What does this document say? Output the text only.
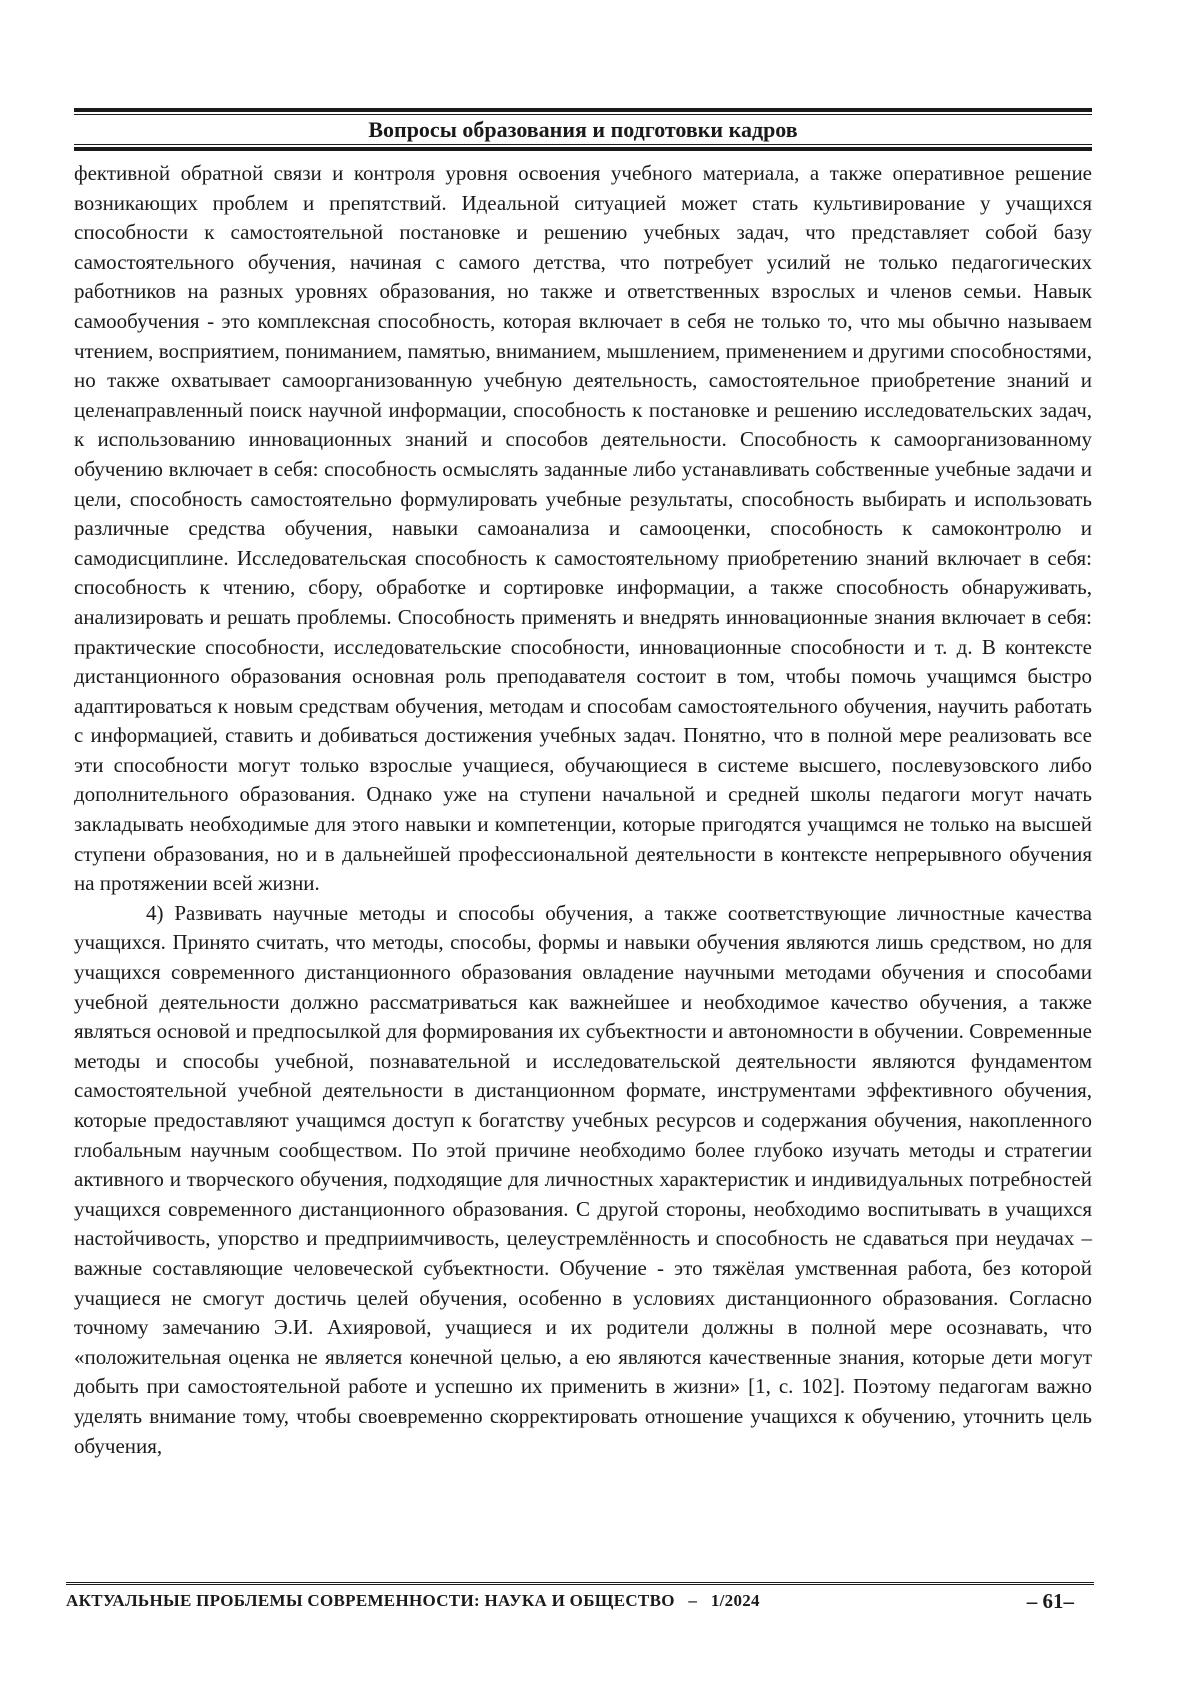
Вопросы образования и подготовки кадров

фективной обратной связи и контроля уровня освоения учебного материала, а также оперативное решение возникающих проблем и препятствий. Идеальной ситуацией может стать культивирование у учащихся способности к самостоятельной постановке и решению учебных задач, что представляет собой базу самостоятельного обучения, начиная с самого детства, что потребует усилий не только педагогических работников на разных уровнях образования, но также и ответственных взрослых и членов семьи. Навык самообучения - это комплексная способность, которая включает в себя не только то, что мы обычно называем чтением, восприятием, пониманием, памятью, вниманием, мышлением, применением и другими способностями, но также охватывает самоорганизованную учебную деятельность, самостоятельное приобретение знаний и целенаправленный поиск научной информации, способность к постановке и решению исследовательских задач, к использованию инновационных знаний и способов деятельности. Способность к самоорганизованному обучению включает в себя: способность осмыслять заданные либо устанавливать собственные учебные задачи и цели, способность самостоятельно формулировать учебные результаты, способность выбирать и использовать различные средства обучения, навыки самоанализа и самооценки, способность к самоконтролю и самодисциплине. Исследовательская способность к самостоятельному приобретению знаний включает в себя: способность к чтению, сбору, обработке и сортировке информации, а также способность обнаруживать, анализировать и решать проблемы. Способность применять и внедрять инновационные знания включает в себя: практические способности, исследовательские способности, инновационные способности и т. д. В контексте дистанционного образования основная роль преподавателя состоит в том, чтобы помочь учащимся быстро адаптироваться к новым средствам обучения, методам и способам самостоятельного обучения, научить работать с информацией, ставить и добиваться достижения учебных задач. Понятно, что в полной мере реализовать все эти способности могут только взрослые учащиеся, обучающиеся в системе высшего, послевузовского либо дополнительного образования. Однако уже на ступени начальной и средней школы педагоги могут начать закладывать необходимые для этого навыки и компетенции, которые пригодятся учащимся не только на высшей ступени образования, но и в дальнейшей профессиональной деятельности в контексте непрерывного обучения на протяжении всей жизни.

4) Развивать научные методы и способы обучения, а также соответствующие личностные качества учащихся. Принято считать, что методы, способы, формы и навыки обучения являются лишь средством, но для учащихся современного дистанционного образования овладение научными методами обучения и способами учебной деятельности должно рассматриваться как важнейшее и необходимое качество обучения, а также являться основой и предпосылкой для формирования их субъектности и автономности в обучении. Современные методы и способы учебной, познавательной и исследовательской деятельности являются фундаментом самостоятельной учебной деятельности в дистанционном формате, инструментами эффективного обучения, которые предоставляют учащимся доступ к богатству учебных ресурсов и содержания обучения, накопленного глобальным научным сообществом. По этой причине необходимо более глубоко изучать методы и стратегии активного и творческого обучения, подходящие для личностных характеристик и индивидуальных потребностей учащихся современного дистанционного образования. С другой стороны, необходимо воспитывать в учащихся настойчивость, упорство и предприимчивость, целеустремлённость и способность не сдаваться при неудачах – важные составляющие человеческой субъектности. Обучение - это тяжёлая умственная работа, без которой учащиеся не смогут достичь целей обучения, особенно в условиях дистанционного образования. Согласно точному замечанию Э.И. Ахияровой, учащиеся и их родители должны в полной мере осознавать, что «положительная оценка не является конечной целью, а ею являются качественные знания, которые дети могут добыть при самостоятельной работе и успешно их применить в жизни» [1, с. 102]. Поэтому педагогам важно уделять внимание тому, чтобы своевременно скорректировать отношение учащихся к обучению, уточнить цель обучения,

АКТУАЛЬНЫЕ ПРОБЛЕМЫ СОВРЕМЕННОСТИ: НАУКА И ОБЩЕСТВО   –   1/2024	– 61–
